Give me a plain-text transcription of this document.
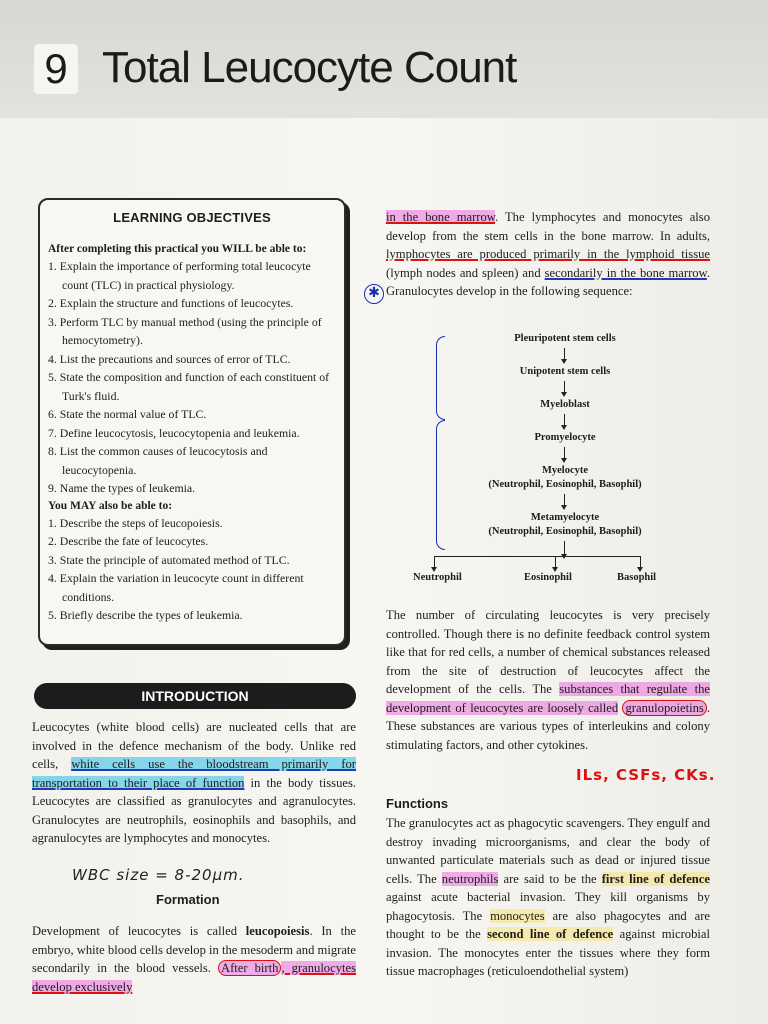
9 Total Leucocyte Count
LEARNING OBJECTIVES
After completing this practical you WILL be able to:
1. Explain the importance of performing total leucocyte count (TLC) in practical physiology.
2. Explain the structure and functions of leucocytes.
3. Perform TLC by manual method (using the principle of hemocytometry).
4. List the precautions and sources of error of TLC.
5. State the composition and function of each constituent of Turk's fluid.
6. State the normal value of TLC.
7. Define leucocytosis, leucocytopenia and leukemia.
8. List the common causes of leucocytosis and leucocytopenia.
9. Name the types of leukemia.
You MAY also be able to:
1. Describe the steps of leucopoiesis.
2. Describe the fate of leucocytes.
3. State the principle of automated method of TLC.
4. Explain the variation in leucocyte count in different conditions.
5. Briefly describe the types of leukemia.
INTRODUCTION
Leucocytes (white blood cells) are nucleated cells that are involved in the defence mechanism of the body. Unlike red cells, white cells use the bloodstream primarily for transportation to their place of function in the body tissues. Leucocytes are classified as granulocytes and agranulocytes. Granulocytes are neutrophils, eosinophils and basophils, and agranulocytes are lymphocytes and monocytes.
WBC size = 8-20µm.
Formation
Development of leucocytes is called leucopoiesis. In the embryo, white blood cells develop in the mesoderm and migrate secondarily in the blood vessels. After birth , granulocytes develop exclusively
✱
in the bone marrow. The lymphocytes and monocytes also develop from the stem cells in the bone marrow. In adults, lymphocytes are produced primarily in the lymphoid tissue (lymph nodes and spleen) and secondarily in the bone marrow. Granulocytes develop in the following sequence:
Pleuripotent stem cells
Unipotent stem cells
Myeloblast
Promyelocyte
Myelocyte
(Neutrophil, Eosinophil, Basophil)
Metamyelocyte
(Neutrophil, Eosinophil, Basophil)
Neutrophil	Eosinophil	Basophil
The number of circulating leucocytes is very precisely controlled. Though there is no definite feedback control system like that for red cells, a number of chemical substances released from the site of destruction of leucocytes affect the development of the cells. The substances that regulate the development of leucocytes are loosely called granulopoietins . These substances are various types of interleukins and colony stimulating factors, and other cytokines.
ILs, CSFs, CKs.
Functions
The granulocytes act as phagocytic scavengers. They engulf and destroy invading microorganisms, and clear the body of unwanted particulate materials such as dead or injured tissue cells. The neutrophils are said to be the first line of defence against acute bacterial invasion. They kill organisms by phagocytosis. The monocytes are also phagocytes and are thought to be the second line of defence against microbial invasion. The monocytes enter the tissues where they form tissue macrophages (reticuloendothelial system)
